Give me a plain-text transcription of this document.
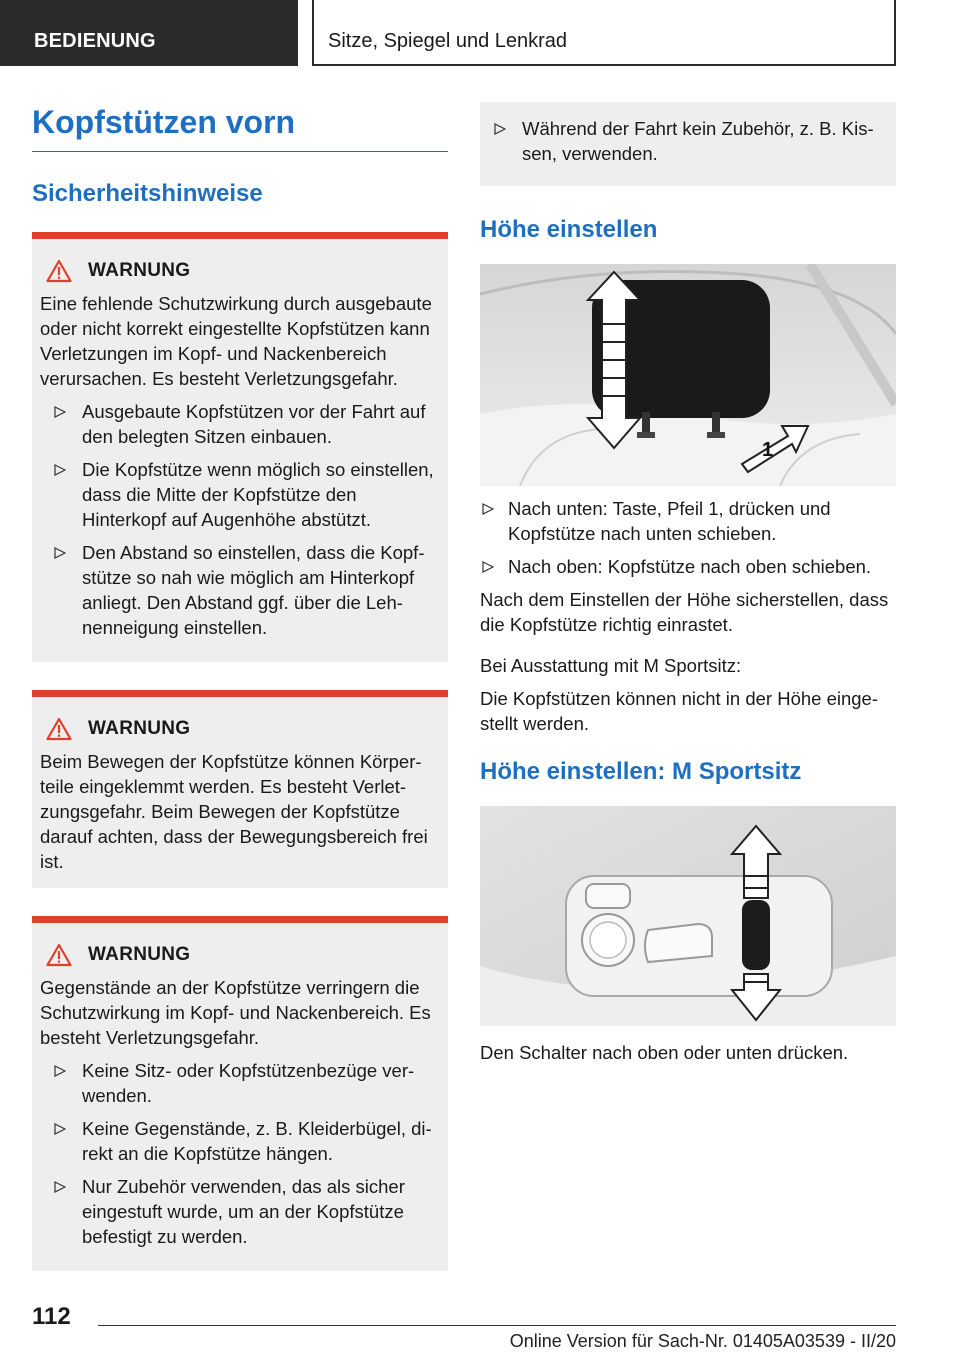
BEDIENUNG	Sitze, Spiegel und Lenkrad
Kopfstützen vorn
Sicherheitshinweise
WARNUNG

Eine fehlende Schutzwirkung durch ausgebaute oder nicht korrekt eingestellte Kopfstützen kann Verletzungen im Kopf- und Nackenbereich verursachen. Es besteht Verletzungsgefahr.

Ausgebaute Kopfstützen vor der Fahrt auf den belegten Sitzen einbauen.
Die Kopfstütze wenn möglich so einstellen, dass die Mitte der Kopfstütze den Hinterkopf auf Augenhöhe abstützt.
Den Abstand so einstellen, dass die Kopfstütze so nah wie möglich am Hinterkopf anliegt. Den Abstand ggf. über die Lehnenneigung einstellen.
WARNUNG

Beim Bewegen der Kopfstütze können Körperteile eingeklemmt werden. Es besteht Verletzungsgefahr. Beim Bewegen der Kopfstütze darauf achten, dass der Bewegungsbereich frei ist.

WARNUNG

Gegenstände an der Kopfstütze verringern die Schutzwirkung im Kopf- und Nackenbereich. Es besteht Verletzungsgefahr.

Keine Sitz- oder Kopfstützenbezüge verwenden.
Keine Gegenstände, z. B. Kleiderbügel, direkt an die Kopfstütze hängen.
Nur Zubehör verwenden, das als sicher eingestuft wurde, um an der Kopfstütze befestigt zu werden.
Während der Fahrt kein Zubehör, z. B. Kissen, verwenden.
Höhe einstellen
1
Nach unten: Taste, Pfeil 1, drücken und Kopfstütze nach unten schieben.
Nach oben: Kopfstütze nach oben schieben.

Nach dem Einstellen der Höhe sicherstellen, dass die Kopfstütze richtig einrastet.

Bei Ausstattung mit M Sportsitz:

Die Kopfstützen können nicht in der Höhe eingestellt werden.

Höhe einstellen: M Sportsitz

Den Schalter nach oben oder unten drücken.

112
Online Version für Sach-Nr. 01405A03539 - II/20
